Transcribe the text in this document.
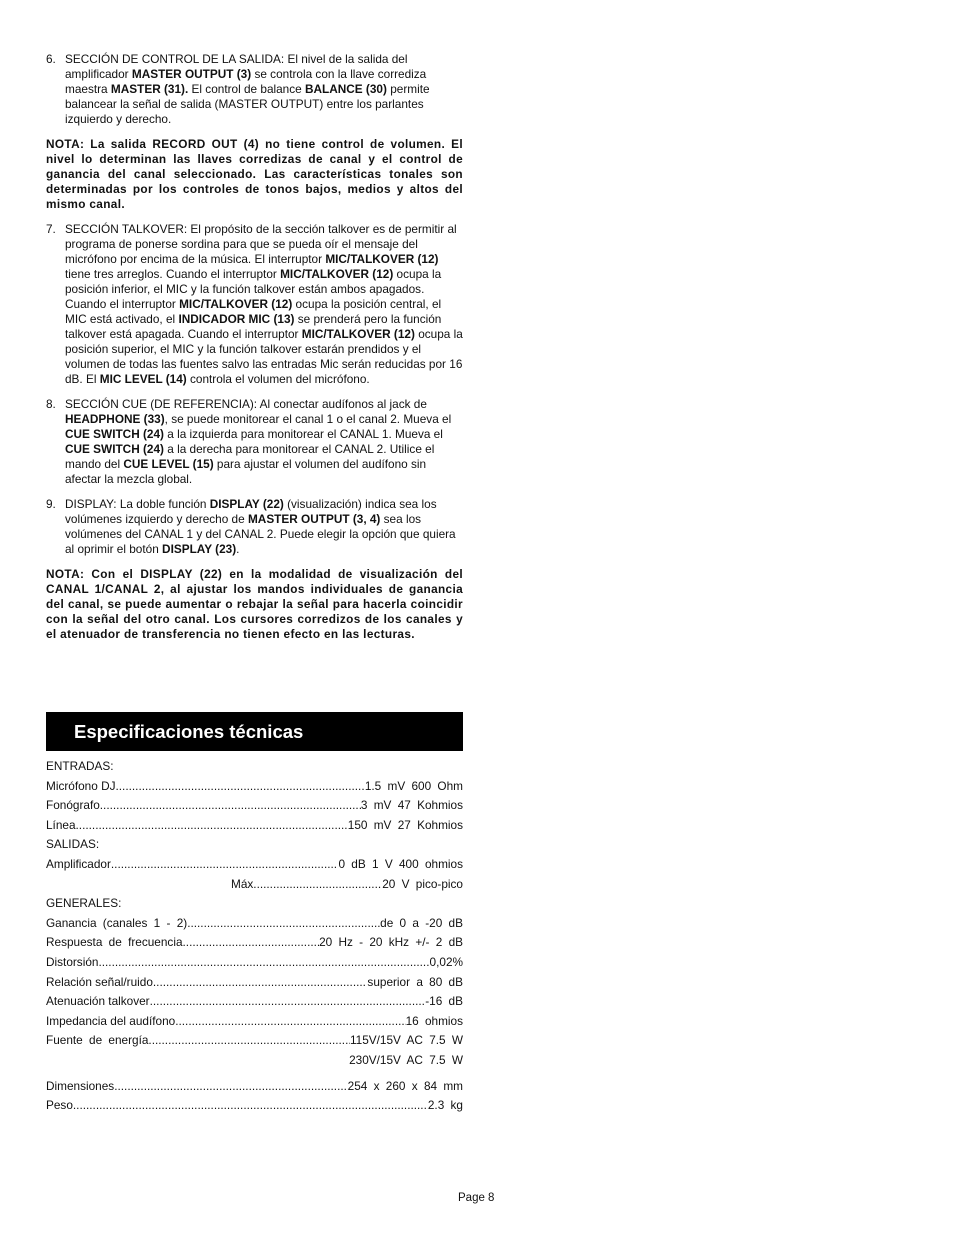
6. SECCIÓN DE CONTROL DE LA SALIDA: El nivel de la salida del amplificador MASTER OUTPUT (3) se controla con la llave corrediza maestra MASTER (31). El control de balance BALANCE (30) permite balancear la señal de salida (MASTER OUTPUT) entre los parlantes izquierdo y derecho.

NOTA: La salida RECORD OUT (4) no tiene control de volumen. El nivel lo determinan las llaves corredizas de canal y el control de ganancia del canal seleccionado. Las características tonales son determinadas por los controles de tonos bajos, medios y altos del mismo canal.

7. SECCIÓN TALKOVER: El propósito de la sección talkover es de permitir al programa de ponerse sordina para que se pueda oír el mensaje del micrófono por encima de la música. El interruptor MIC/TALKOVER (12) tiene tres arreglos. Cuando el interruptor MIC/TALKOVER (12) ocupa la posición inferior, el MIC y la función talkover están ambos apagados. Cuando el interruptor MIC/TALKOVER (12) ocupa la posición central, el MIC está activado, el INDICADOR MIC (13) se prenderá pero la función talkover está apagada. Cuando el interruptor MIC/TALKOVER (12) ocupa la posición superior, el MIC y la función talkover estarán prendidos y el volumen de todas las fuentes salvo las entradas Mic serán reducidas por 16 dB. El MIC LEVEL (14) controla el volumen del micrófono.
8. SECCIÓN CUE (DE REFERENCIA): Al conectar audífonos al jack de HEADPHONE (33), se puede monitorear el canal 1 o el canal 2. Mueva el CUE SWITCH (24) a la izquierda para monitorear el CANAL 1. Mueva el CUE SWITCH (24) a la derecha para monitorear el CANAL 2. Utilice el mando del CUE LEVEL (15) para ajustar el volumen del audífono sin afectar la mezcla global.
9. DISPLAY: La doble función DISPLAY (22) (visualización) indica sea los volúmenes izquierdo y derecho de MASTER OUTPUT (3, 4) sea los volúmenes del CANAL 1 y del CANAL 2. Puede elegir la opción que quiera al oprimir el botón DISPLAY (23).

NOTA: Con el DISPLAY (22) en la modalidad de visualización del CANAL 1/CANAL 2, al ajustar los mandos individuales de ganancia del canal, se puede aumentar o rebajar la señal para hacerla coincidir con la señal del otro canal. Los cursores corredizos de los canales y el atenuador de transferencia no tienen efecto en las lecturas.

Especificaciones técnicas
ENTRADAS:
Micrófono DJ .....	1.5 mV 600 Ohm
Fonógrafo .....	3 mV 47 Kohmios
Línea .....	150 mV 27 Kohmios
SALIDAS:
Amplificador .....	0 dB 1 V 400 ohmios
Máx .....	20 V pico-pico
GENERALES:
Ganancia (canales 1 - 2) .....	de 0 a -20 dB
Respuesta de frecuencia .....	20 Hz - 20 kHz +/- 2 dB
Distorsión .....	0,02%
Relación señal/ruido .....	superior a 80 dB
Atenuación talkover .....	-16 dB
Impedancia del audífono .....	16 ohmios
Fuente de energía .....	115V/15V AC 7.5 W
230V/15V AC 7.5 W
Dimensiones .....	254 x 260 x 84 mm
Peso .....	2.3 kg
Page 8
